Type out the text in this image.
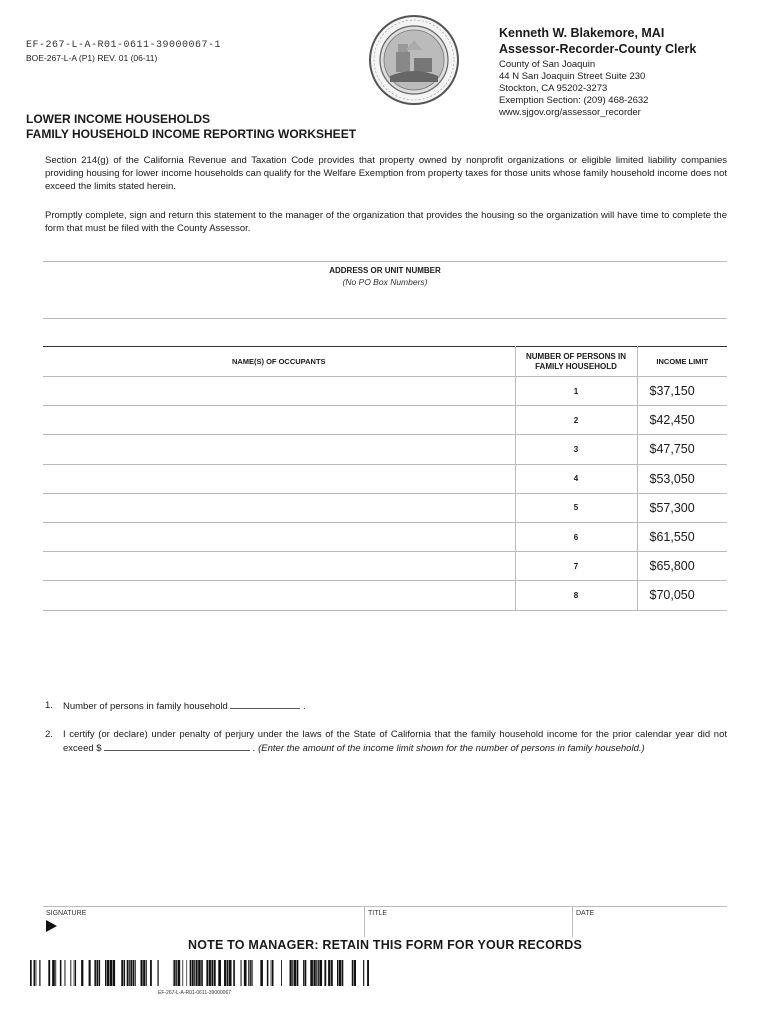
EF-267-L-A-R01-0611-39000067-1
BOE-267-L-A (P1) REV. 01 (06-11)
Kenneth W. Blakemore, MAI
Assessor-Recorder-County Clerk
County of San Joaquin
44 N San Joaquin Street Suite 230
Stockton, CA 95202-3273
Exemption Section: (209) 468-2632
www.sjgov.org/assessor_recorder
LOWER INCOME HOUSEHOLDS
FAMILY HOUSEHOLD INCOME REPORTING WORKSHEET
Section 214(g) of the California Revenue and Taxation Code provides that property owned by nonprofit organizations or eligible limited liability companies providing housing for lower income households can qualify for the Welfare Exemption from property taxes for those units whose family household income does not exceed the limits stated herein.
Promptly complete, sign and return this statement to the manager of the organization that provides the housing so the organization will have time to complete the form that must be filed with the County Assessor.
ADDRESS OR UNIT NUMBER
(No PO Box Numbers)
NAME(S) OF OCCUPANTS	NUMBER OF PERSONS IN FAMILY HOUSEHOLD	INCOME LIMIT
	1	$37,150
	2	$42,450
	3	$47,750
	4	$53,050
	5	$57,300
	6	$61,550
	7	$65,800
	8	$70,050
1. Number of persons in family household	.
2. I certify (or declare) under penalty of perjury under the laws of the State of California that the family household income for the prior calendar year did not exceed $	. (Enter the amount of the income limit shown for the number of persons in family household.)
SIGNATURE	TITLE	DATE
NOTE TO MANAGER: RETAIN THIS FORM FOR YOUR RECORDS
EF-267-L-A-R01-0611-39000067
